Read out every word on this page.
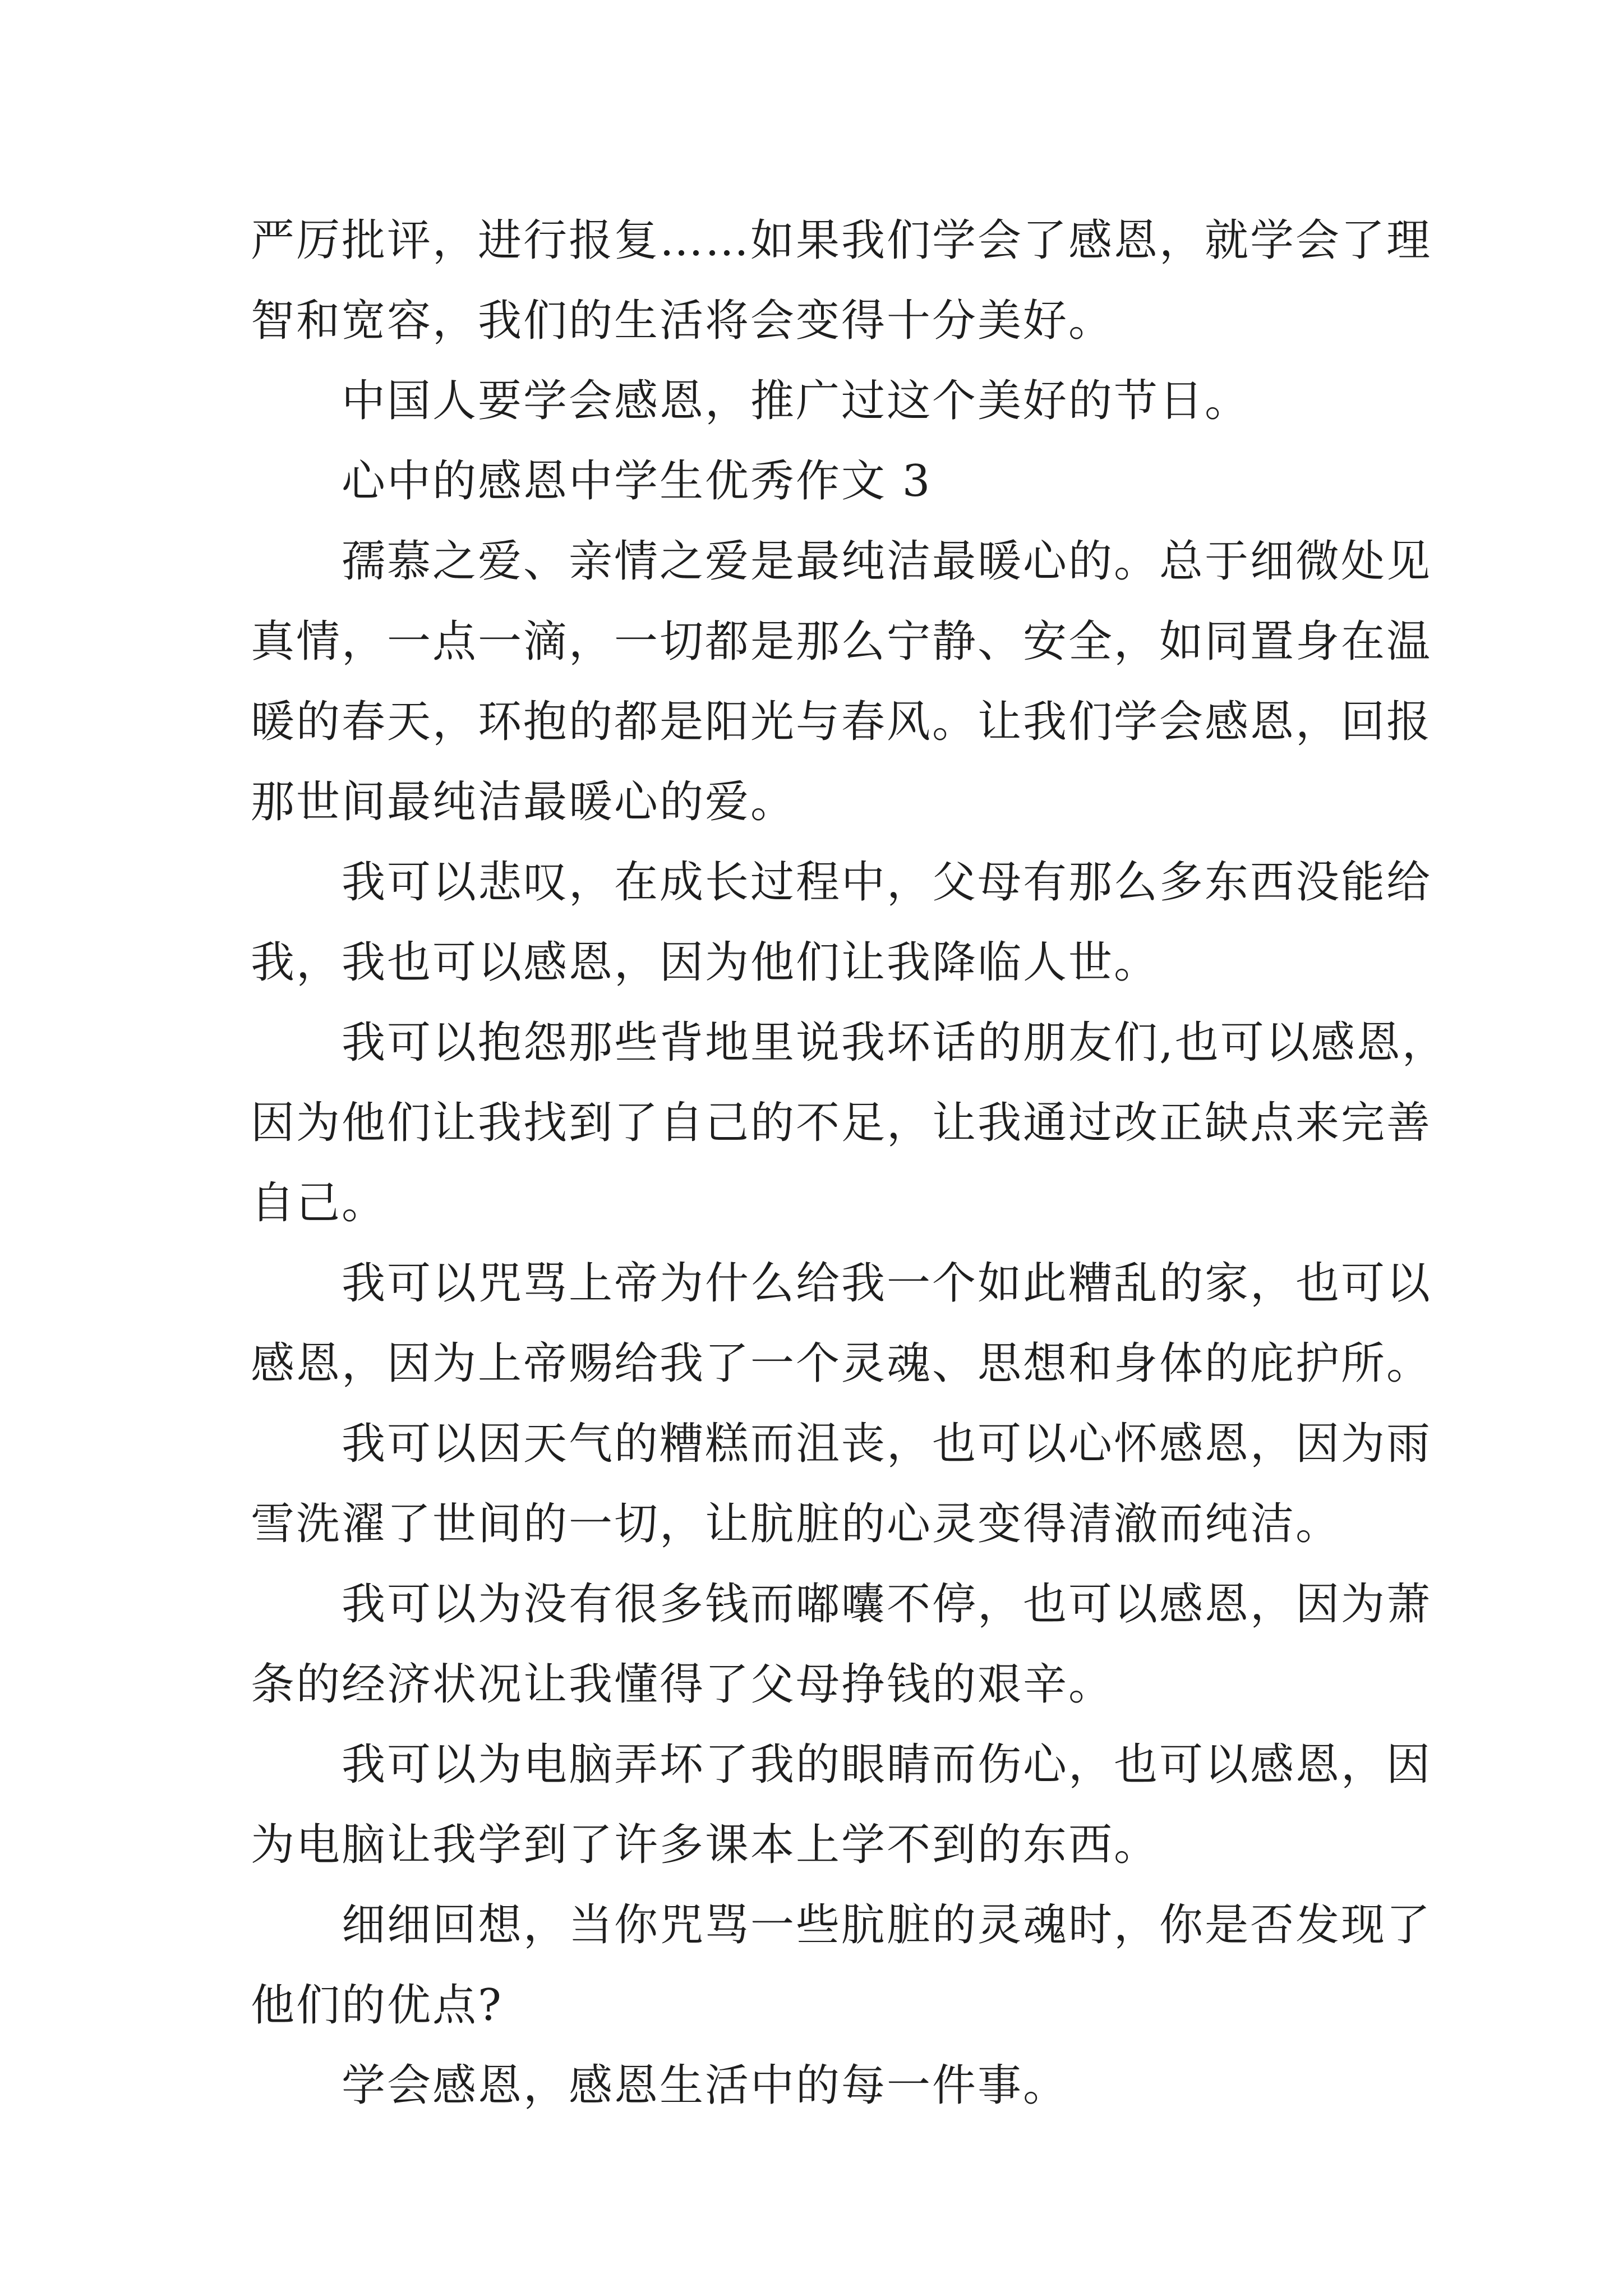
严厉批评，进行报复……如果我们学会了感恩，就学会了理
智和宽容，我们的生活将会变得十分美好。
中国人要学会感恩，推广过这个美好的节日。
心中的感恩中学生优秀作文 3
孺慕之爱、亲情之爱是最纯洁最暖心的。总于细微处见
真情，一点一滴，一切都是那么宁静、安全，如同置身在温
暖的春天，环抱的都是阳光与春风。让我们学会感恩，回报
那世间最纯洁最暖心的爱。
我可以悲叹，在成长过程中，父母有那么多东西没能给
我，我也可以感恩，因为他们让我降临人世。
我可以抱怨那些背地里说我坏话的朋友们,也可以感恩，
因为他们让我找到了自己的不足，让我通过改正缺点来完善
自己。
我可以咒骂上帝为什么给我一个如此糟乱的家，也可以
感恩，因为上帝赐给我了一个灵魂、思想和身体的庇护所。
我可以因天气的糟糕而沮丧，也可以心怀感恩，因为雨
雪洗濯了世间的一切，让肮脏的心灵变得清澈而纯洁。
我可以为没有很多钱而嘟囔不停，也可以感恩，因为萧
条的经济状况让我懂得了父母挣钱的艰辛。
我可以为电脑弄坏了我的眼睛而伤心，也可以感恩，因
为电脑让我学到了许多课本上学不到的东西。
细细回想，当你咒骂一些肮脏的灵魂时，你是否发现了
他们的优点?
学会感恩，感恩生活中的每一件事。
